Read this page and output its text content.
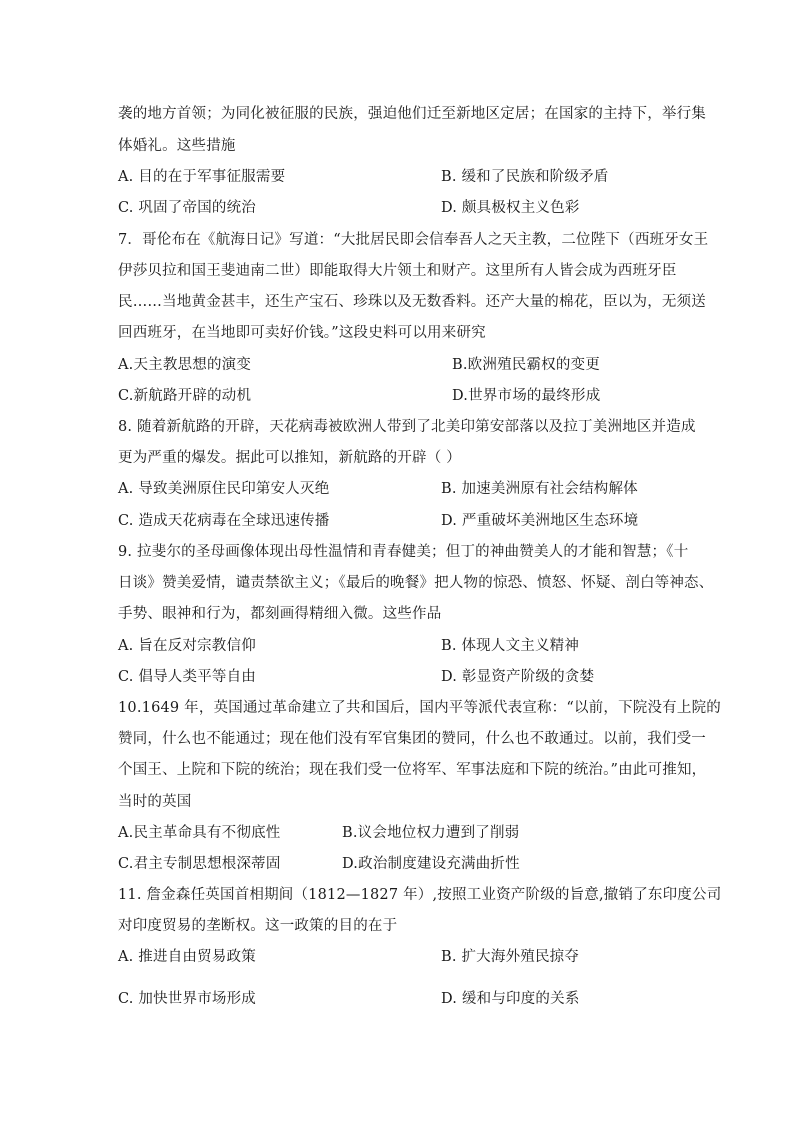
袭的地方首领；为同化被征服的民族，强迫他们迁至新地区定居；在国家的主持下，举行集
体婚礼。这些措施
A. 目的在于军事征服需要	B. 缓和了民族和阶级矛盾
C. 巩固了帝国的统治	D. 颇具极权主义色彩
7．哥伦布在《航海日记》写道：“大批居民即会信奉吾人之天主教，二位陛下（西班牙女王
伊莎贝拉和国王斐迪南二世）即能取得大片领土和财产。这里所有人皆会成为西班牙臣
民……当地黄金甚丰，还生产宝石、珍珠以及无数香料。还产大量的棉花，臣以为，无须送
回西班牙，在当地即可卖好价钱。”这段史料可以用来研究
A.天主教思想的演变	B.欧洲殖民霸权的变更
C.新航路开辟的动机	D.世界市场的最终形成
8. 随着新航路的开辟，天花病毒被欧洲人带到了北美印第安部落以及拉丁美洲地区并造成
更为严重的爆发。据此可以推知，新航路的开辟（ ）
A. 导致美洲原住民印第安人灭绝	B. 加速美洲原有社会结构解体
C. 造成天花病毒在全球迅速传播	D. 严重破坏美洲地区生态环境
9. 拉斐尔的圣母画像体现出母性温情和青春健美；但丁的神曲赞美人的才能和智慧；《十
日谈》赞美爱情，谴责禁欲主义；《最后的晚餐》把人物的惊恐、愤怒、怀疑、剖白等神态、
手势、眼神和行为，都刻画得精细入微。这些作品
A. 旨在反对宗教信仰	B. 体现人文主义精神
C. 倡导人类平等自由	D. 彰显资产阶级的贪婪
10.1649 年，英国通过革命建立了共和国后，国内平等派代表宣称：“以前，下院没有上院的
赞同，什么也不能通过；现在他们没有军官集团的赞同，什么也不敢通过。以前，我们受一
个国王、上院和下院的统治；现在我们受一位将军、军事法庭和下院的统治。”由此可推知，
当时的英国
A.民主革命具有不彻底性	B.议会地位权力遭到了削弱
C.君主专制思想根深蒂固	D.政治制度建设充满曲折性
11. 詹金森任英国首相期间（1812—1827 年）,按照工业资产阶级的旨意,撤销了东印度公司
对印度贸易的垄断权。这一政策的目的在于
A. 推进自由贸易政策	B. 扩大海外殖民掠夺
C. 加快世界市场形成	D. 缓和与印度的关系
